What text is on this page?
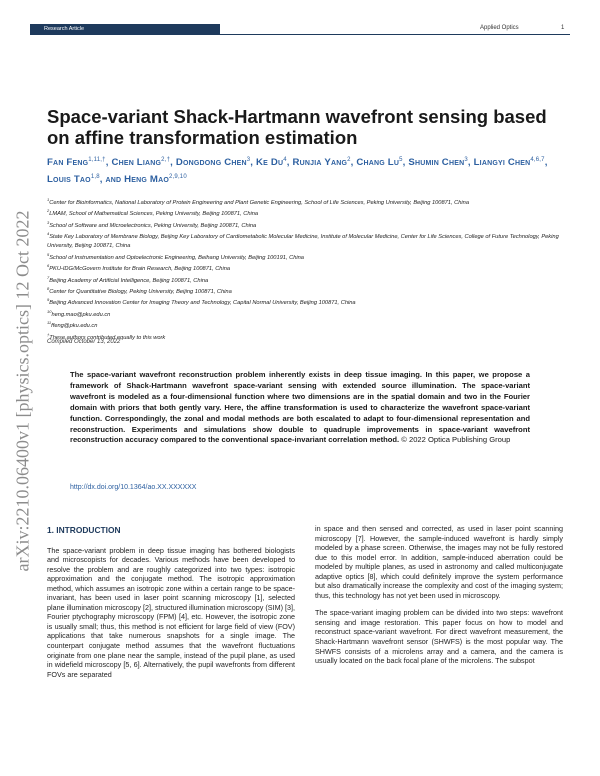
Research Article	Applied Optics	1
arXiv:2210.06400v1 [physics.optics] 12 Oct 2022
Space-variant Shack-Hartmann wavefront sensing based on affine transformation estimation
Fan Feng$^{1,11,\dagger}$, Chen Liang$^{2,\dagger}$, Dongdong Chen$^3$, Ke Du$^4$, Runjia Yang$^2$, Chang Lu$^5$, Shumin Chen$^3$, Liangyi Chen$^{4,6,7}$, Louis Tao$^{1,8}$, and Heng Mao$^{2,9,10}$
$^1$Center for Bioinformatics, National Laboratory of Protein Engineering and Plant Genetic Engineering, School of Life Sciences, Peking University, Beijing 100871, China
$^2$LMAM, School of Mathematical Sciences, Peking University, Beijing 100871, China
$^3$School of Software and Microelectronics, Peking University, Beijing 100871, China
$^4$State Key Laboratory of Membrane Biology, Beijing Key Laboratory of Cardiometabolic Molecular Medicine, Institute of Molecular Medicine, Center for Life Sciences, College of Future Technology, Peking University, Beijing 100871, China
$^5$School of Instrumentation and Optoelectronic Engineering, Beihang University, Beijing 100191, China
$^6$PKU-IDG/McGovern Institute for Brain Research, Beijing 100871, China
$^7$Beijing Academy of Artificial Intelligence, Beijing 100871, China
$^8$Center for Quantitative Biology, Peking University, Beijing 100871, China
$^9$Beijing Advanced Innovation Center for Imaging Theory and Technology, Capital Normal University, Beijing 100871, China
$^{10}$heng.mao@pku.edu.cn
$^{11}$ffeng@pku.edu.cn
†These authors contributed equally to this work
Compiled October 13, 2022
The space-variant wavefront reconstruction problem inherently exists in deep tissue imaging. In this paper, we propose a framework of Shack-Hartmann wavefront space-variant sensing with extended source illumination. The space-variant wavefront is modeled as a four-dimensional function where two dimensions are in the spatial domain and two in the Fourier domain with priors that both gently vary. Here, the affine transformation is used to characterize the wavefront space-variant function. Correspondingly, the zonal and modal methods are both escalated to adapt to four-dimensional representation and reconstruction. Experiments and simulations show double to quadruple improvements in space-variant wavefront reconstruction accuracy compared to the conventional space-invariant correlation method. © 2022 Optica Publishing Group
http://dx.doi.org/10.1364/ao.XX.XXXXXX
1. INTRODUCTION

The space-variant problem in deep tissue imaging has bothered biologists and microscopists for decades. Various methods have been developed to resolve the problem and are roughly categorized into two types: isotropic approximation and the conjugate method. The isotropic approximation method, which assumes an isotropic zone within a certain range to be space-invariant, has been used in laser point scanning microscopy [1], selected plane illumination microscopy [2], structured illumination microscopy (SIM) [3], Fourier ptychography microscopy (FPM) [4], etc. However, the isotropic zone is usually small; thus, this method is not efficient for large field of view (FOV) applications that take numerous snapshots for a single image. The counterpart conjugate method assumes that the wavefront fluctuations originate from one plane near the sample, instead of the pupil plane, as used in widefield microscopy [5, 6]. Alternatively, the pupil wavefronts from different FOVs are separated

in space and then sensed and corrected, as used in laser point scanning microscopy [7]. However, the sample-induced wavefront is hardly simply modeled by a phase screen. Otherwise, the images may not be fully restored due to this model error. In addition, sample-induced aberration could be modeled by multiple planes, as used in astronomy and called multiconjugate adaptive optics [8], which could definitely improve the system performance but also dramatically increase the complexity and cost of the imaging system; thus, this technology has not yet been used in microscopy.

The space-variant imaging problem can be divided into two steps: wavefront sensing and image restoration. This paper focus on how to model and reconstruct space-variant wavefront. For direct wavefront measurement, the Shack-Hartmann wavefront sensor (SHWFS) is the most popular way. The SHWFS consists of a microlens array and a camera, and the camera is usually located on the back focal plane of the microlens. The subspot
